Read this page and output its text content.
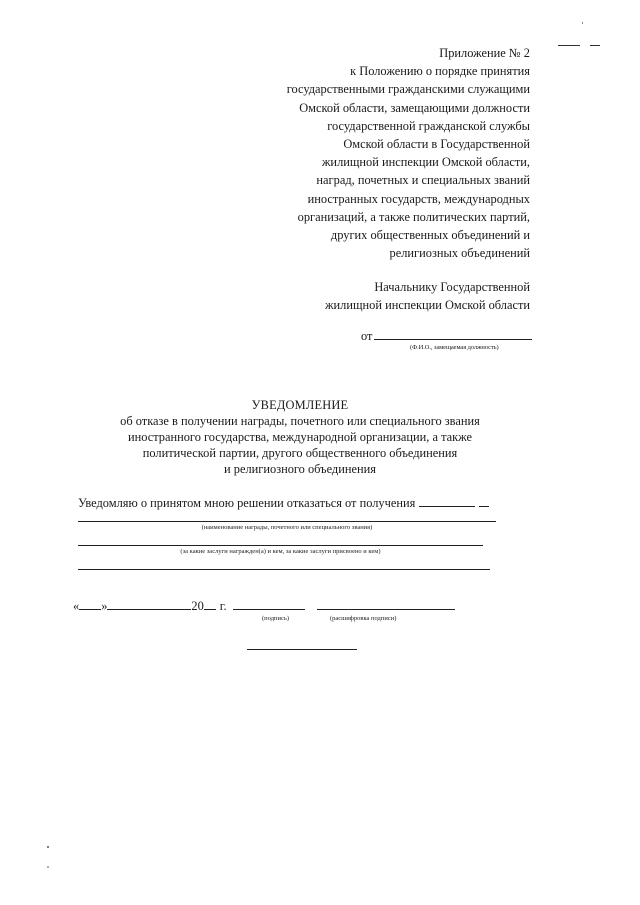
Приложение № 2
к Положению о порядке принятия
государственными гражданскими служащими
Омской области, замещающими должности
государственной гражданской службы
Омской области в Государственной
жилищной инспекции Омской области,
наград, почетных и специальных званий
иностранных государств, международных
организаций, а также политических партий,
других общественных объединений и
религиозных объединений
Начальнику Государственной
жилищной инспекции Омской области
от
(Ф.И.О., замещаемая должность)
УВЕДОМЛЕНИЕ
об отказе в получении награды, почетного или специального звания
иностранного государства, международной организации, а также
политической партии, другого общественного объединения
и религиозного объединения
Уведомляю о принятом мною решении отказаться от получения
(наименование награды, почетного или специального звания)
(за какие заслуги награжден(а) и кем, за какие заслуги присвоено и кем)
« »	20 г.
(подпись)	(расшифровка подписи)
